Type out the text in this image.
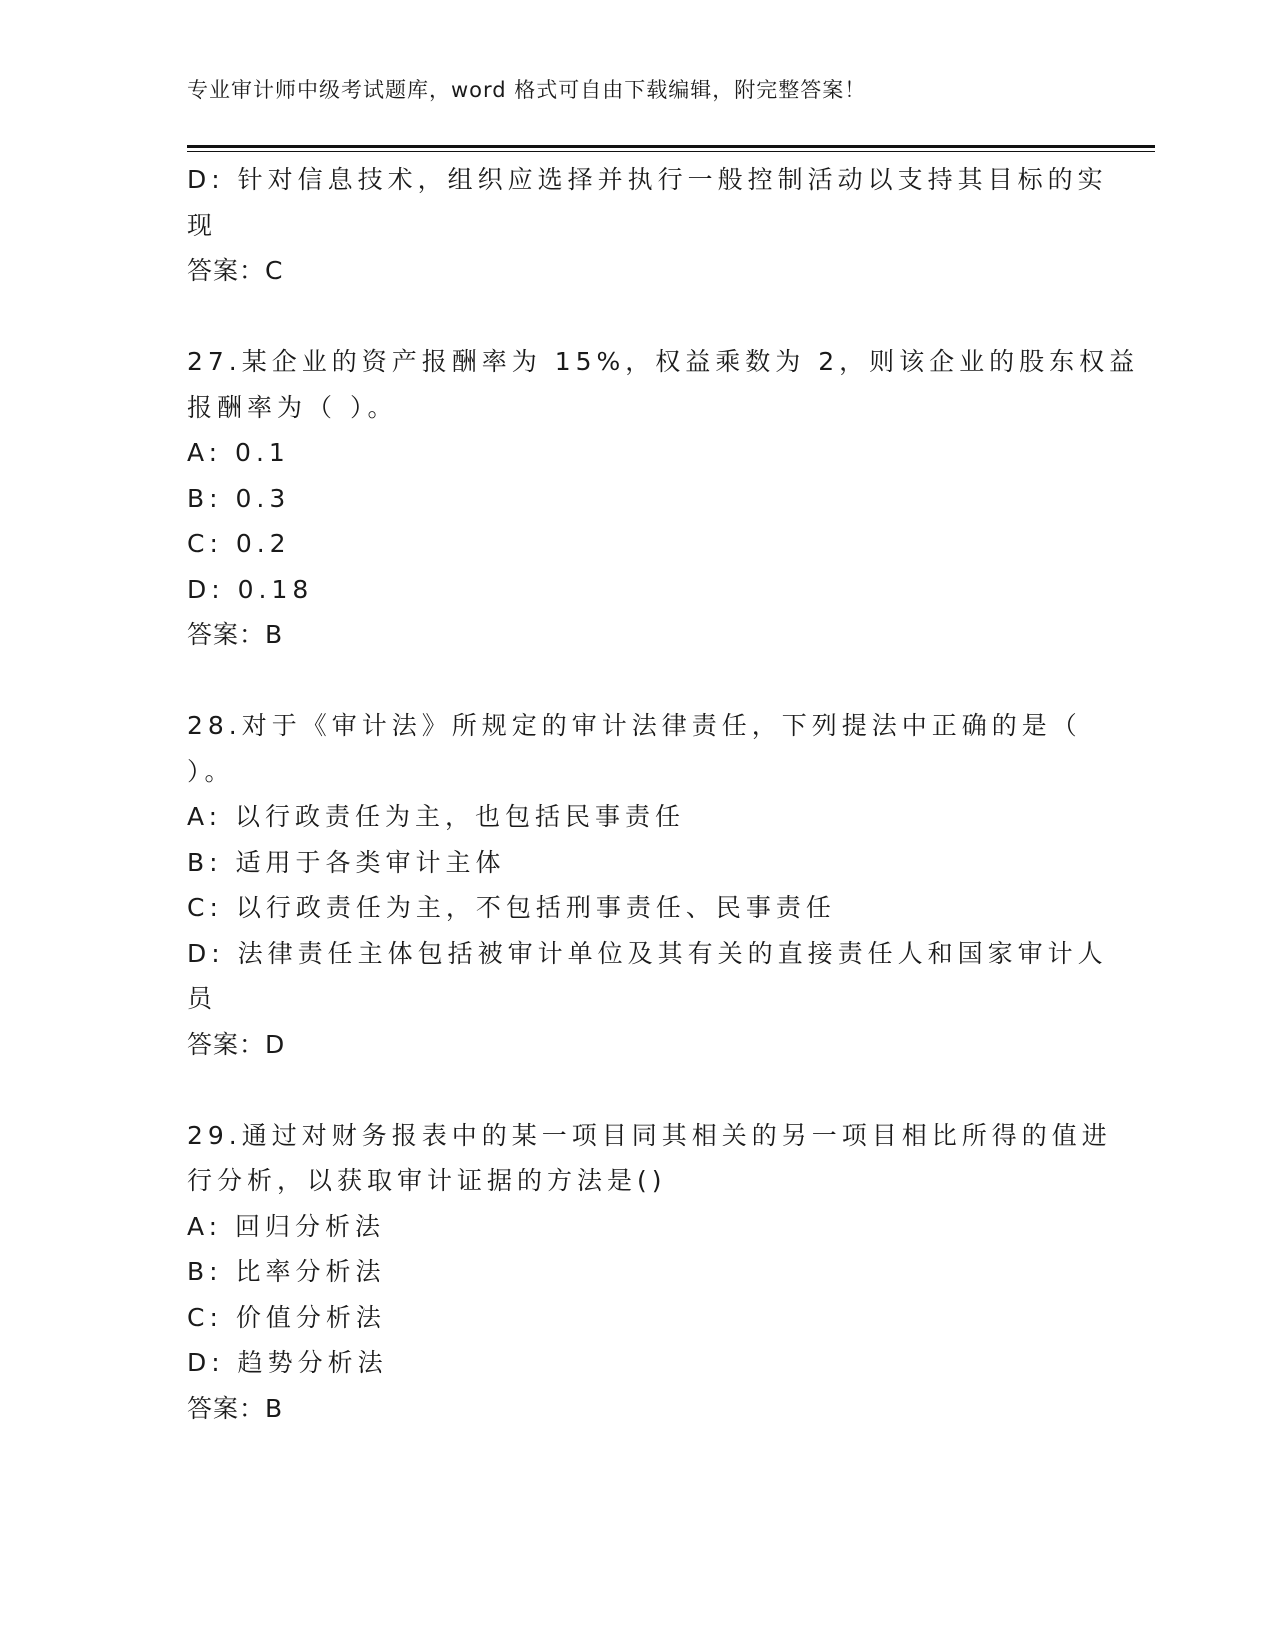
专业审计师中级考试题库，word 格式可自由下载编辑，附完整答案！
D: 针对信息技术，组织应选择并执行一般控制活动以支持其目标的实
现
答案：C
27.某企业的资产报酬率为 15%，权益乘数为 2，则该企业的股东权益
报酬率为（ ）。
A: 0.1
B: 0.3
C: 0.2
D: 0.18
答案：B
28.对于《审计法》所规定的审计法律责任，下列提法中正确的是（
）。
A: 以行政责任为主，也包括民事责任
B: 适用于各类审计主体
C: 以行政责任为主，不包括刑事责任、民事责任
D: 法律责任主体包括被审计单位及其有关的直接责任人和国家审计人
员
答案：D
29.通过对财务报表中的某一项目同其相关的另一项目相比所得的值进
行分析，以获取审计证据的方法是()
A: 回归分析法
B: 比率分析法
C: 价值分析法
D: 趋势分析法
答案：B
